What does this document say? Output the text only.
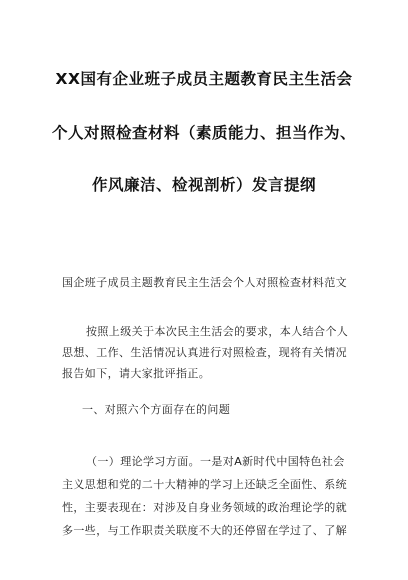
XX国有企业班子成员主题教育民主生活会
个人对照检查材料（素质能力、担当作为、
作风廉洁、检视剖析）发言提纲
国企班子成员主题教育民主生活会个人对照检查材料范文
按照上级关于本次民主生活会的要求，本人结合个人
思想、工作、生活情况认真进行对照检查，现将有关情况
报告如下，请大家批评指正。
一、对照六个方面存在的问题
（一）理论学习方面。一是对A新时代中国特色社会
主义思想和党的二十大精神的学习上还缺乏全面性、系统
性，主要表现在：对涉及自身业务领域的政治理论学的就
多一些，与工作职责关联度不大的还停留在学过了、了解
